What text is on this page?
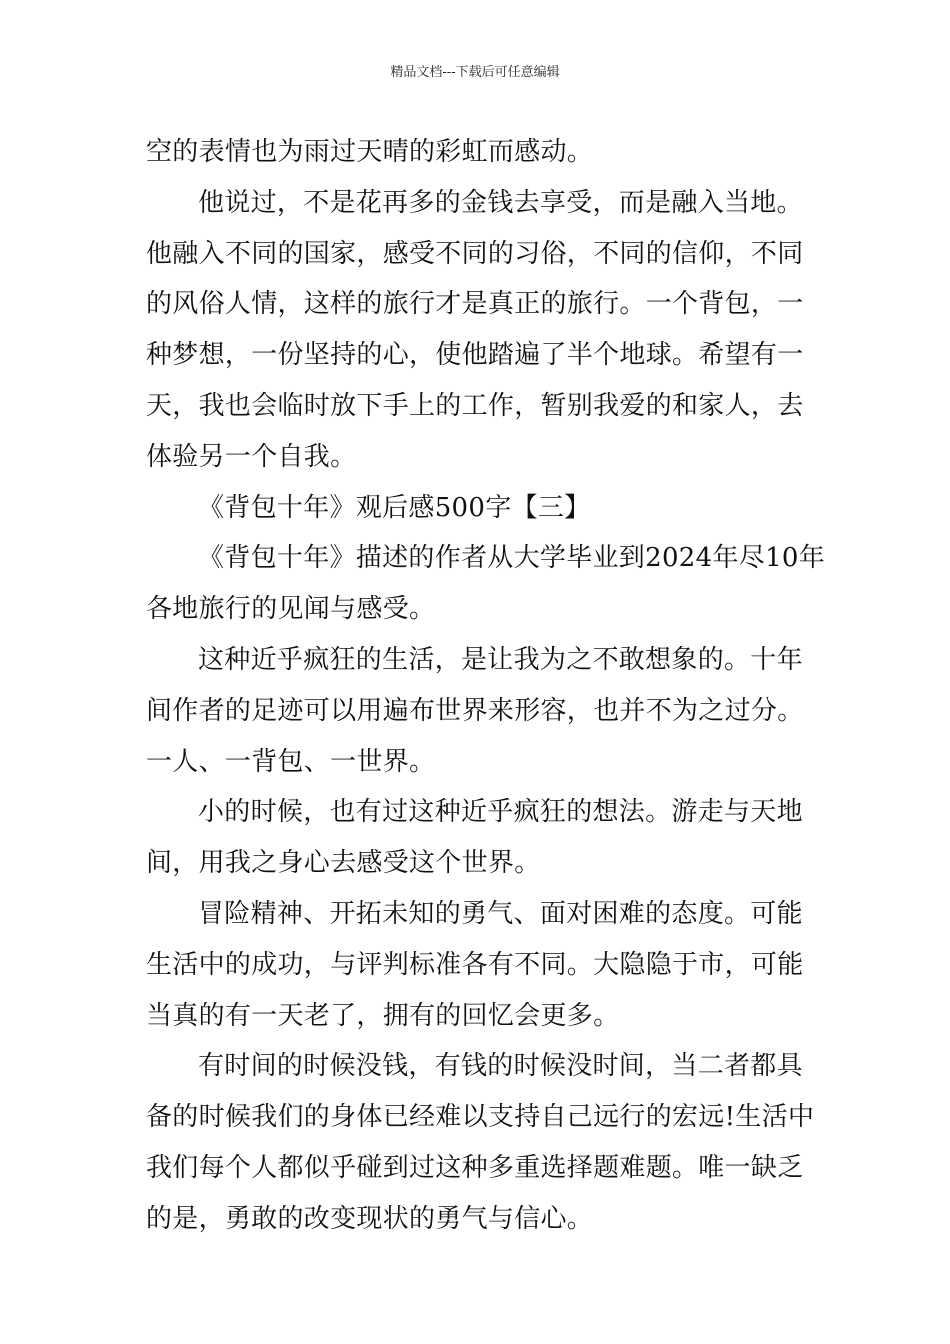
精品文档---下载后可任意编辑
空的表情也为雨过天晴的彩虹而感动。
他说过，不是花再多的金钱去享受，而是融入当地。
他融入不同的国家，感受不同的习俗，不同的信仰，不同
的风俗人情，这样的旅行才是真正的旅行。一个背包，一
种梦想，一份坚持的心，使他踏遍了半个地球。希望有一
天，我也会临时放下手上的工作，暂别我爱的和家人，去
体验另一个自我。
《背包十年》观后感500字【三】
《背包十年》描述的作者从大学毕业到2024年尽10年
各地旅行的见闻与感受。
这种近乎疯狂的生活，是让我为之不敢想象的。十年
间作者的足迹可以用遍布世界来形容，也并不为之过分。
一人、一背包、一世界。
小的时候，也有过这种近乎疯狂的想法。游走与天地
间，用我之身心去感受这个世界。
冒险精神、开拓未知的勇气、面对困难的态度。可能
生活中的成功，与评判标准各有不同。大隐隐于市，可能
当真的有一天老了，拥有的回忆会更多。
有时间的时候没钱，有钱的时候没时间，当二者都具
备的时候我们的身体已经难以支持自己远行的宏远!生活中
我们每个人都似乎碰到过这种多重选择题难题。唯一缺乏
的是，勇敢的改变现状的勇气与信心。
